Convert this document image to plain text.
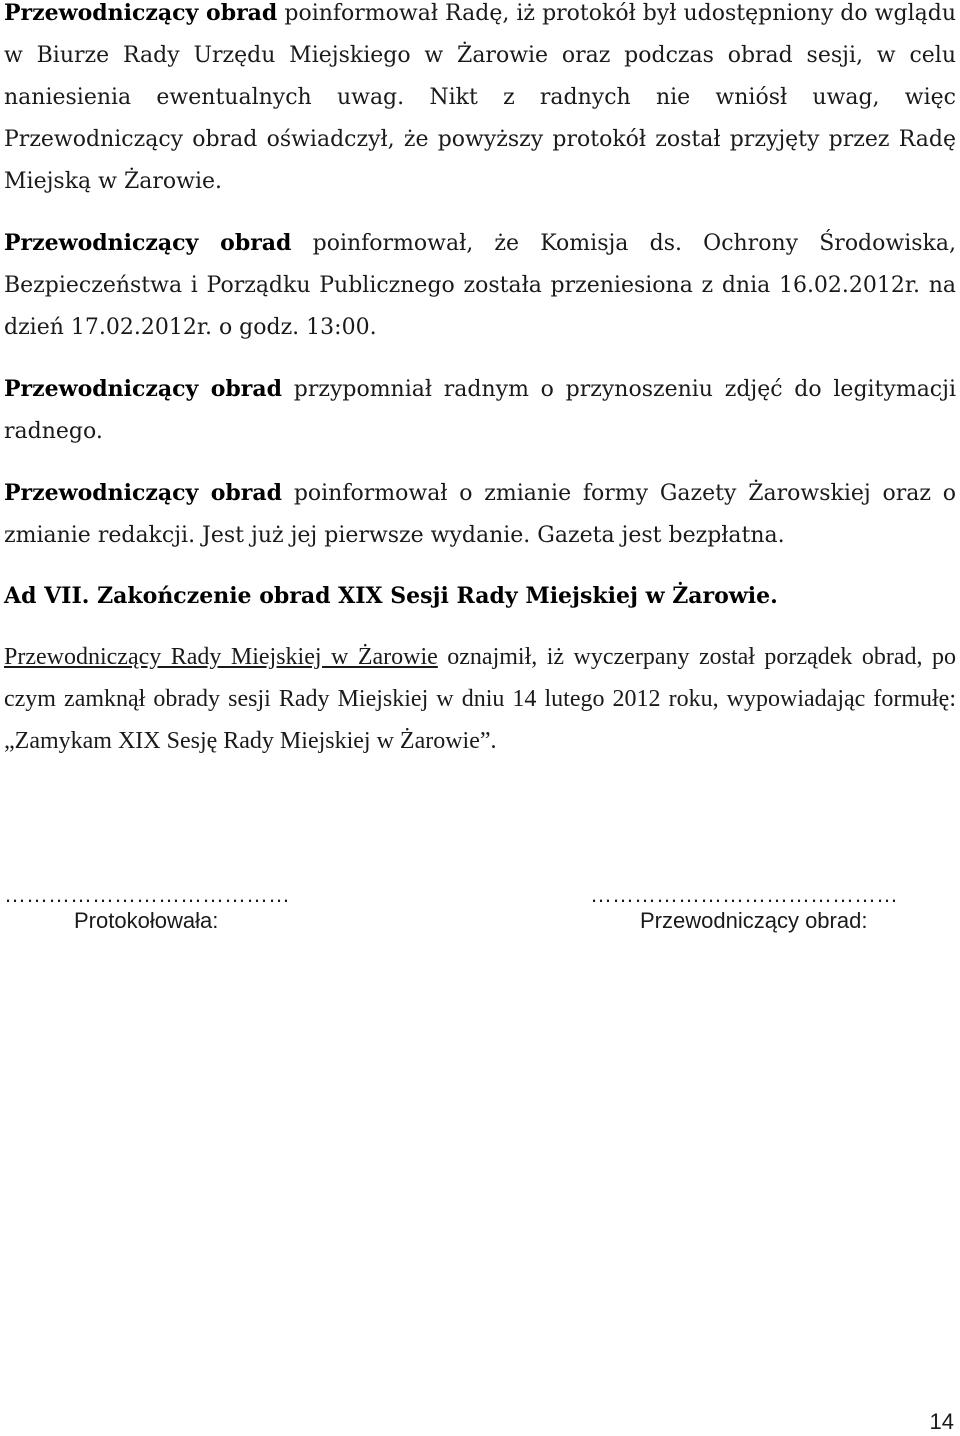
Przewodniczący obrad poinformował Radę, iż protokół był udostępniony do wglądu w Biurze Rady Urzędu Miejskiego w Żarowie oraz podczas obrad sesji, w celu naniesienia ewentualnych uwag. Nikt z radnych nie wniósł uwag, więc Przewodniczący obrad oświadczył, że powyższy protokół został przyjęty przez Radę Miejską w Żarowie.

Przewodniczący obrad poinformował, że Komisja ds. Ochrony Środowiska, Bezpieczeństwa i Porządku Publicznego została przeniesiona z dnia 16.02.2012r. na dzień 17.02.2012r. o godz. 13:00.

Przewodniczący obrad przypomniał radnym o przynoszeniu zdjęć do legitymacji radnego.

Przewodniczący obrad poinformował o zmianie formy Gazety Żarowskiej oraz o zmianie redakcji. Jest już jej pierwsze wydanie. Gazeta jest bezpłatna.

Ad VII. Zakończenie obrad XIX Sesji Rady Miejskiej w Żarowie.

Przewodniczący Rady Miejskiej w Żarowie oznajmił, iż wyczerpany został porządek obrad, po czym zamknął obrady sesji Rady Miejskiej w dniu 14 lutego 2012 roku, wypowiadając formułę: „Zamykam XIX Sesję Rady Miejskiej w Żarowie”.

…………………………………
Protokołowała:
……………………………………
Przewodniczący obrad:
14
